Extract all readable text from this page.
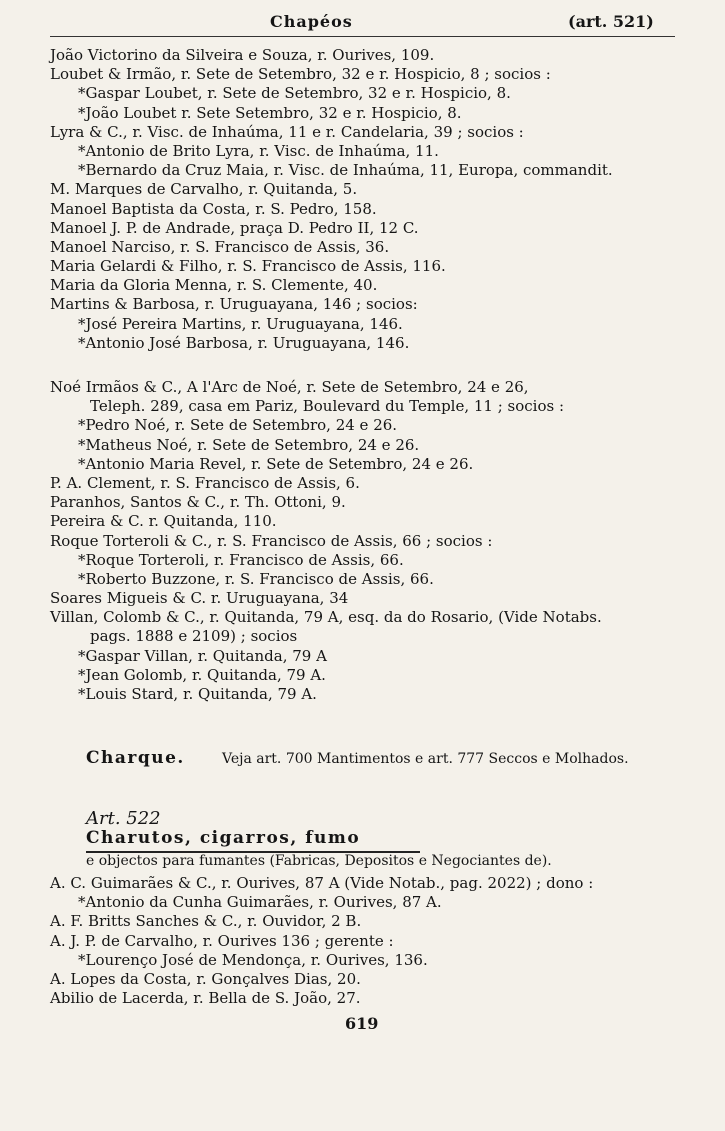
Chapéos	(art. 521)
João Victorino da Silveira e Souza, r. Ourives, 109.
Loubet & Irmão, r. Sete de Setembro, 32 e r. Hospicio, 8 ; socios :
*Gaspar Loubet, r. Sete de Setembro, 32 e r. Hospicio, 8.
*João Loubet r. Sete Setembro, 32 e r. Hospicio, 8.
Lyra & C., r. Visc. de Inhaúma, 11 e r. Candelaria, 39 ; socios :
*Antonio de Brito Lyra, r. Visc. de Inhaúma, 11.
*Bernardo da Cruz Maia, r. Visc. de Inhaúma, 11, Europa, commandit.
M. Marques de Carvalho, r. Quitanda, 5.
Manoel Baptista da Costa, r. S. Pedro, 158.
Manoel J. P. de Andrade, praça D. Pedro II, 12 C.
Manoel Narciso, r. S. Francisco de Assis, 36.
Maria Gelardi & Filho, r. S. Francisco de Assis, 116.
Maria da Gloria Menna, r. S. Clemente, 40.
Martins & Barbosa, r. Uruguayana, 146 ; socios:
*José Pereira Martins, r. Uruguayana, 146.
*Antonio José Barbosa, r. Uruguayana, 146.
Noé Irmãos & C., A l'Arc de Noé, r. Sete de Setembro, 24 e 26,
Teleph. 289, casa em Pariz, Boulevard du Temple, 11 ; socios :
*Pedro Noé, r. Sete de Setembro, 24 e 26.
*Matheus Noé, r. Sete de Setembro, 24 e 26.
*Antonio Maria Revel, r. Sete de Setembro, 24 e 26.
P. A. Clement, r. S. Francisco de Assis, 6.
Paranhos, Santos & C., r. Th. Ottoni, 9.
Pereira & C. r. Quitanda, 110.
Roque Torteroli & C., r. S. Francisco de Assis, 66 ; socios :
*Roque Torteroli, r. Francisco de Assis, 66.
*Roberto Buzzone, r. S. Francisco de Assis, 66.
Soares Migueis & C. r. Uruguayana, 34
Villan, Colomb & C., r. Quitanda, 79 A, esq. da do Rosario, (Vide Notabs.
pags. 1888 e 2109) ; socios
*Gaspar Villan, r. Quitanda, 79 A
*Jean Golomb, r. Quitanda, 79 A.
*Louis Stard, r. Quitanda, 79 A.
Charque.	Veja art. 700 Mantimentos e art. 777 Seccos e Molhados.
Art. 522
Charutos, cigarros, fumo
e objectos para fumantes (Fabricas, Depositos e Negociantes de).
A. C. Guimarães & C., r. Ourives, 87 A (Vide Notab., pag. 2022) ; dono :
*Antonio da Cunha Guimarães, r. Ourives, 87 A.
A. F. Britts Sanches & C., r. Ouvidor, 2 B.
A. J. P. de Carvalho, r. Ourives 136 ; gerente :
*Lourenço José de Mendonça, r. Ourives, 136.
A. Lopes da Costa, r. Gonçalves Dias, 20.
Abilio de Lacerda, r. Bella de S. João, 27.
619
